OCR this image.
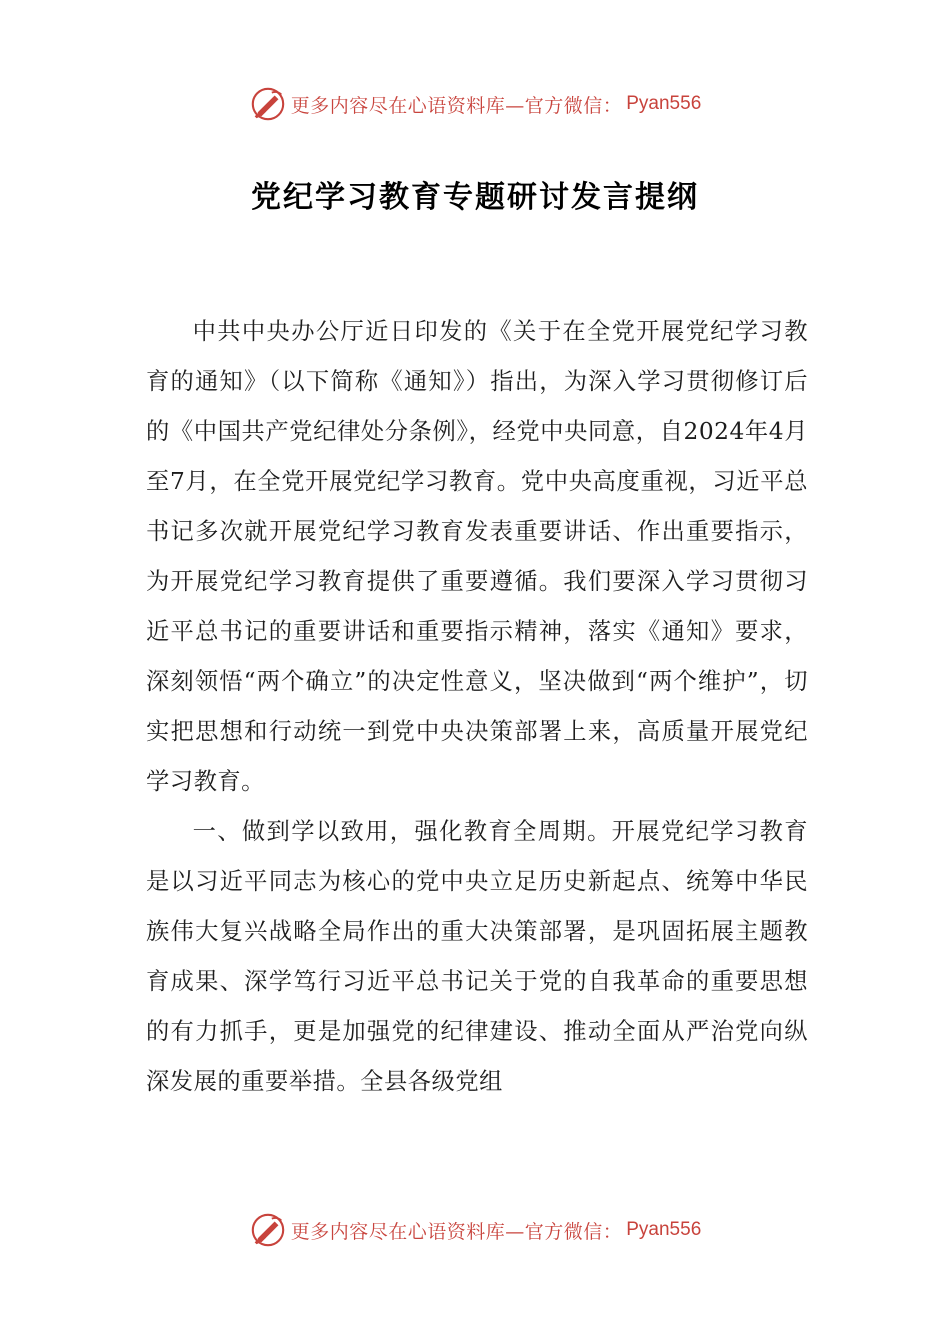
更多内容尽在心语资料库—官方微信： Pyan556
党纪学习教育专题研讨发言提纲

中共中央办公厅近日印发的《关于在全党开展党纪学习教育的通知》（以下简称《通知》）指出，为深入学习贯彻修订后的《中国共产党纪律处分条例》，经党中央同意，自2024年4月至7月，在全党开展党纪学习教育。党中央高度重视，习近平总书记多次就开展党纪学习教育发表重要讲话、作出重要指示，为开展党纪学习教育提供了重要遵循。我们要深入学习贯彻习近平总书记的重要讲话和重要指示精神，落实《通知》要求，深刻领悟“两个确立”的决定性意义，坚决做到“两个维护”，切实把思想和行动统一到党中央决策部署上来，高质量开展党纪学习教育。

一、做到学以致用，强化教育全周期。开展党纪学习教育是以习近平同志为核心的党中央立足历史新起点、统筹中华民族伟大复兴战略全局作出的重大决策部署，是巩固拓展主题教育成果、深学笃行习近平总书记关于党的自我革命的重要思想的有力抓手，更是加强党的纪律建设、推动全面从严治党向纵深发展的重要举措。全县各级党组

更多内容尽在心语资料库—官方微信： Pyan556
